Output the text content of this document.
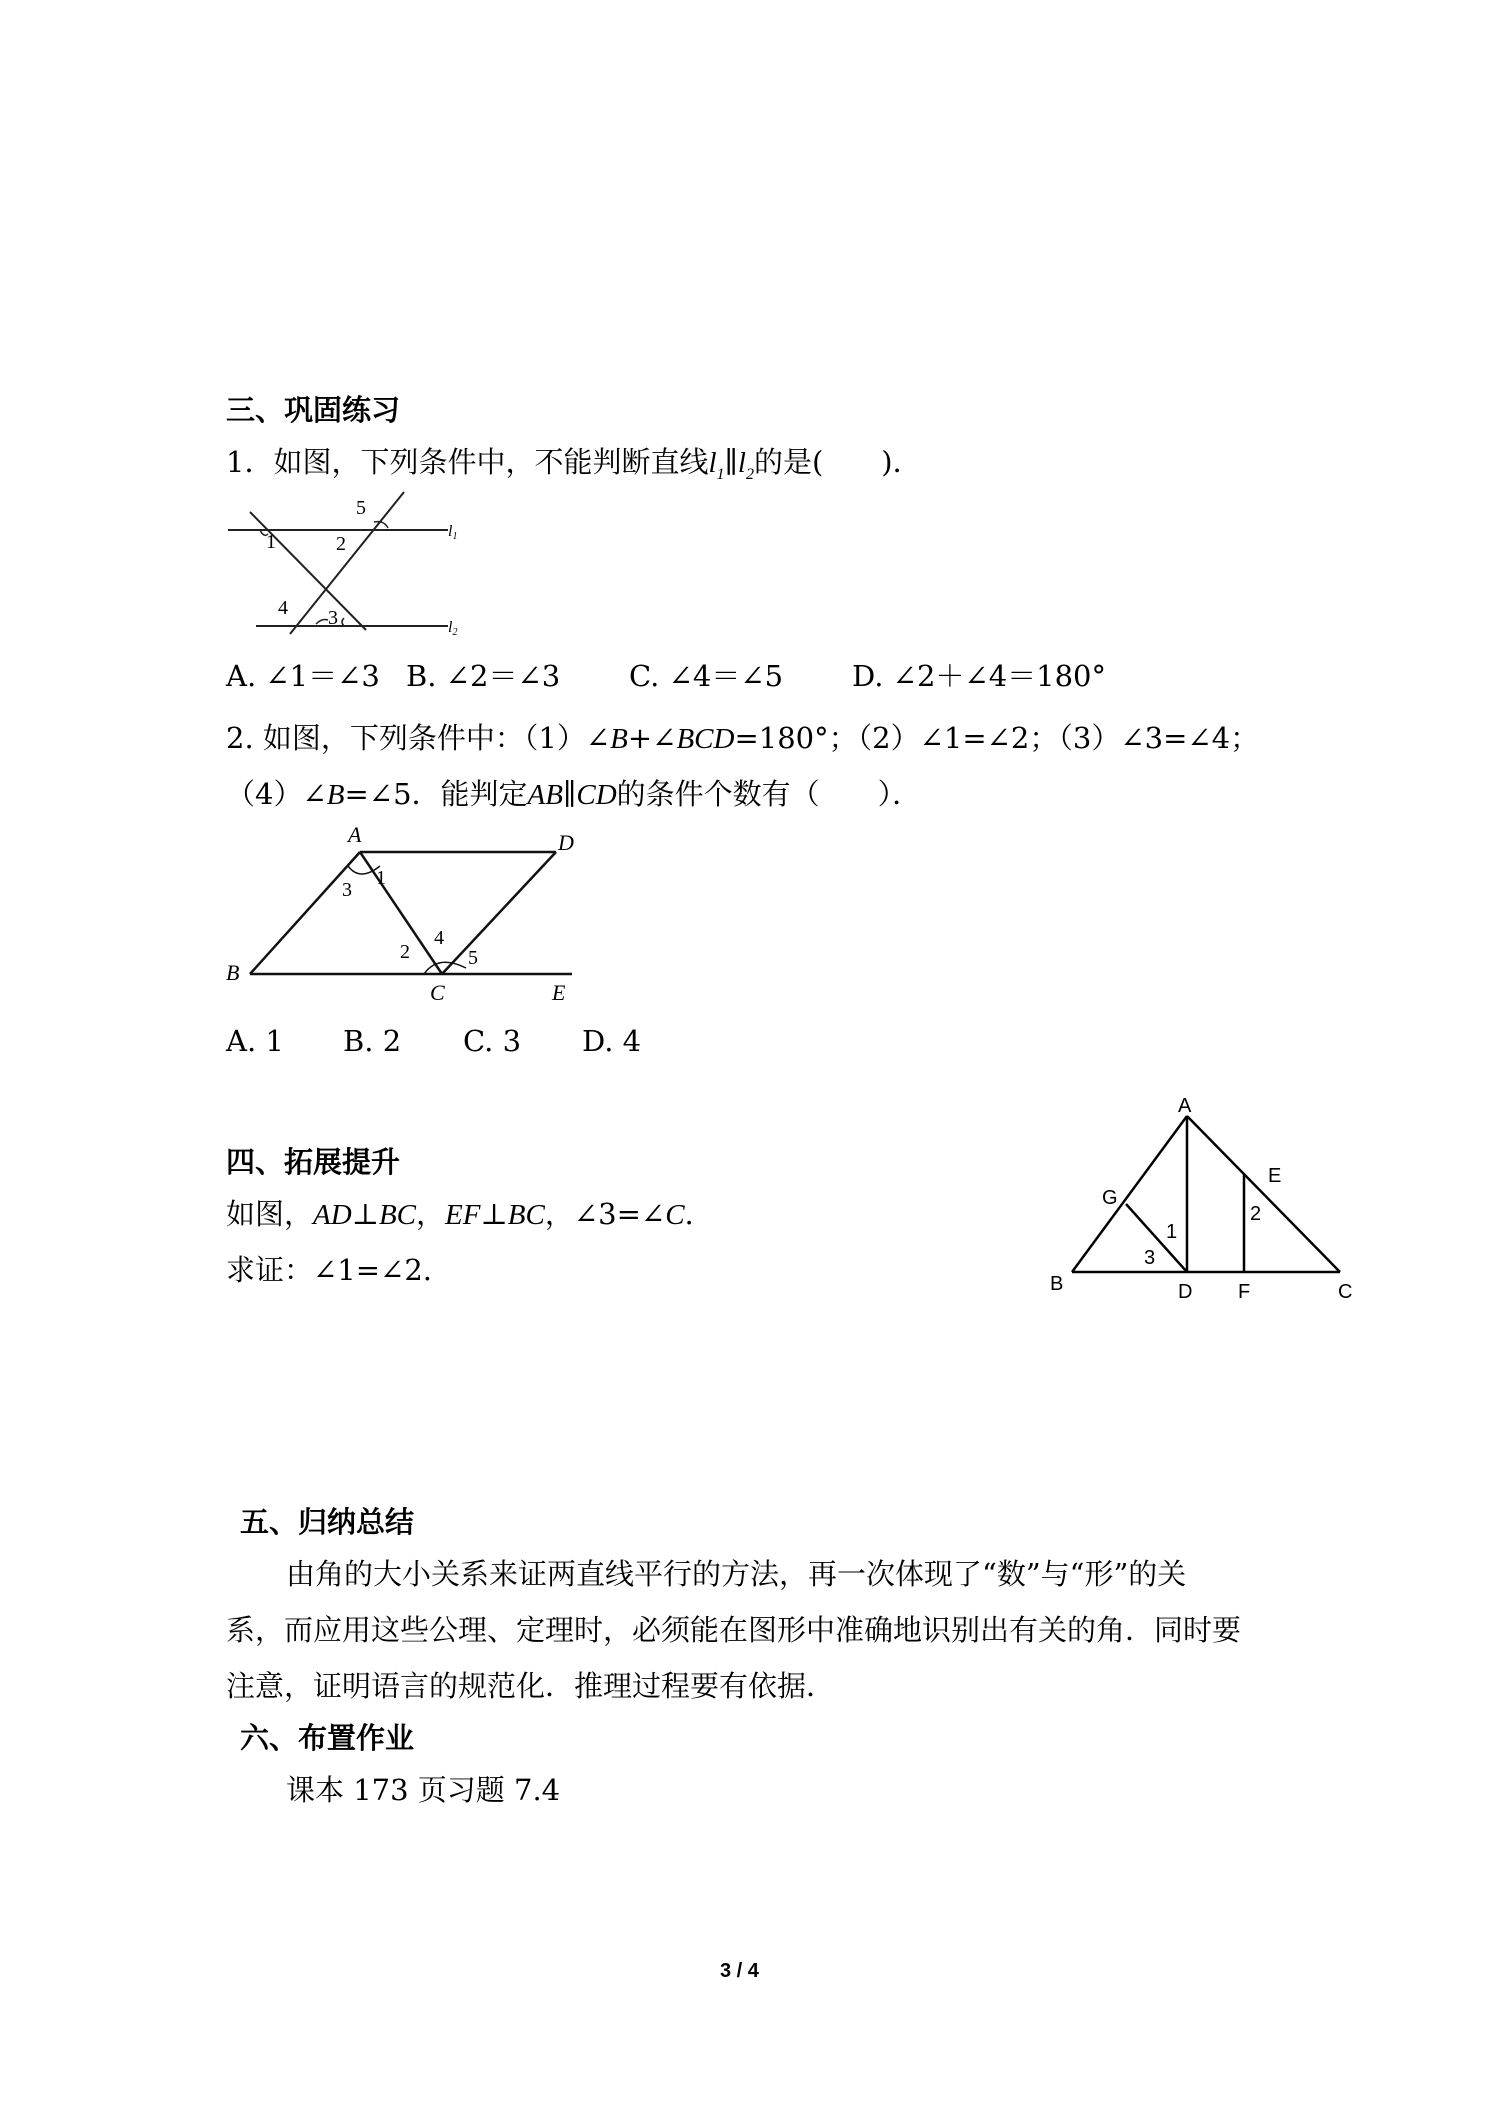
三、巩固练习
1．如图，下列条件中，不能判断直线$l_1\parallel l_2$的是(　　)．
1	2
5
4 3
l1
l2
A. ∠1＝∠3 B. ∠2＝∠3 C. ∠4＝∠5 D. ∠2＋∠4＝180°
2. 如图，下列条件中：（1）∠B+∠BCD=180°；（2）∠1=∠2；（3）∠3=∠4；
（4）∠B=∠5．能判定AB∥CD的条件个数有（　　）．
A	D
B
C	E
3
1
2
4
5
A. 1 B. 2 C. 3 D. 4
四、拓展提升
如图，AD⊥BC，EF⊥BC，∠3=∠C.
求证：∠1=∠2.
A
B	C
D F
E
G
1
2
3
五、归纳总结
由角的大小关系来证两直线平行的方法，再一次体现了“数”与“形”的关
系，而应用这些公理、定理时，必须能在图形中准确地识别出有关的角．同时要
注意，证明语言的规范化．推理过程要有依据．
六、布置作业
课本 173 页习题 7.4
3 / 4
